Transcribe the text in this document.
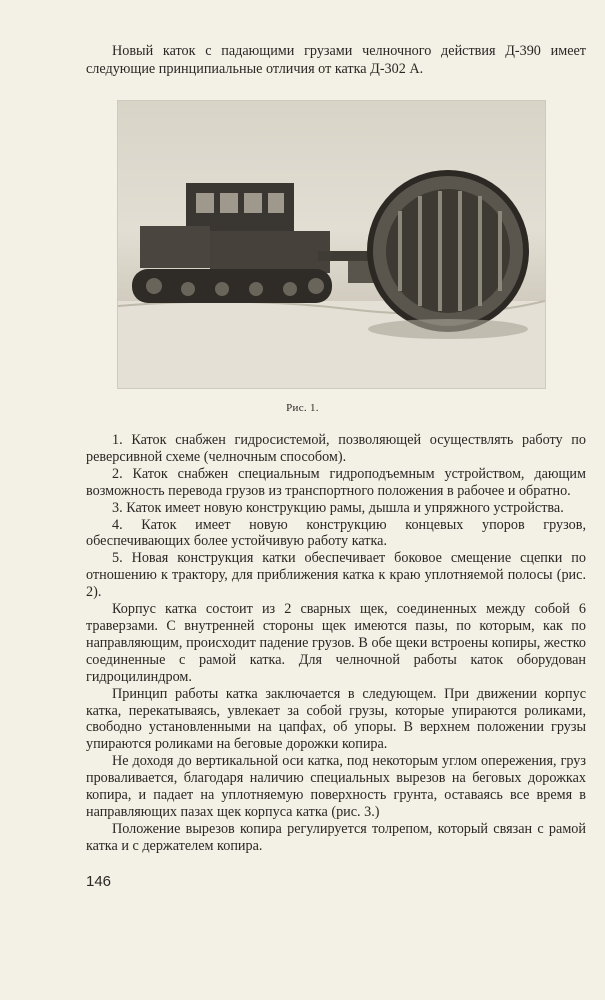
Новый каток с падающими грузами челночного действия Д-390 имеет следующие принципиальные отличия от катка Д-302 А.

Рис. 1.

1. Каток снабжен гидросистемой, позволяющей осуществлять работу по реверсивной схеме (челночным способом).

2. Каток снабжен специальным гидроподъемным устройством, дающим возможность перевода грузов из транспортного положения в рабочее и обратно.

3. Каток имеет новую конструкцию рамы, дышла и упряжного устройства.

4. Каток имеет новую конструкцию концевых упоров грузов, обеспечивающих более устойчивую работу катка.

5. Новая конструкция катки обеспечивает боковое смещение сцепки по отношению к трактору, для приближения катка к краю уплотняемой полосы (рис. 2).

Корпус катка состоит из 2 сварных щек, соединенных между собой 6 траверзами. С внутренней стороны щек имеются пазы, по которым, как по направляющим, происходит падение грузов. В обе щеки встроены копиры, жестко соединенные с рамой катка. Для челночной работы каток оборудован гидроцилиндром.

Принцип работы катка заключается в следующем. При движении корпус катка, перекатываясь, увлекает за собой грузы, которые упираются роликами, свободно установленными на цапфах, об упоры. В верхнем положении грузы упираются роликами на беговые дорожки копира.

Не доходя до вертикальной оси катка, под некоторым углом опережения, груз проваливается, благодаря наличию специальных вырезов на беговых дорожках копира, и падает на уплотняемую поверхность грунта, оставаясь все время в направляющих пазах щек корпуса катка (рис. 3.)

Положение вырезов копира регулируется толрепом, который связан с рамой катка и с держателем копира.

146
